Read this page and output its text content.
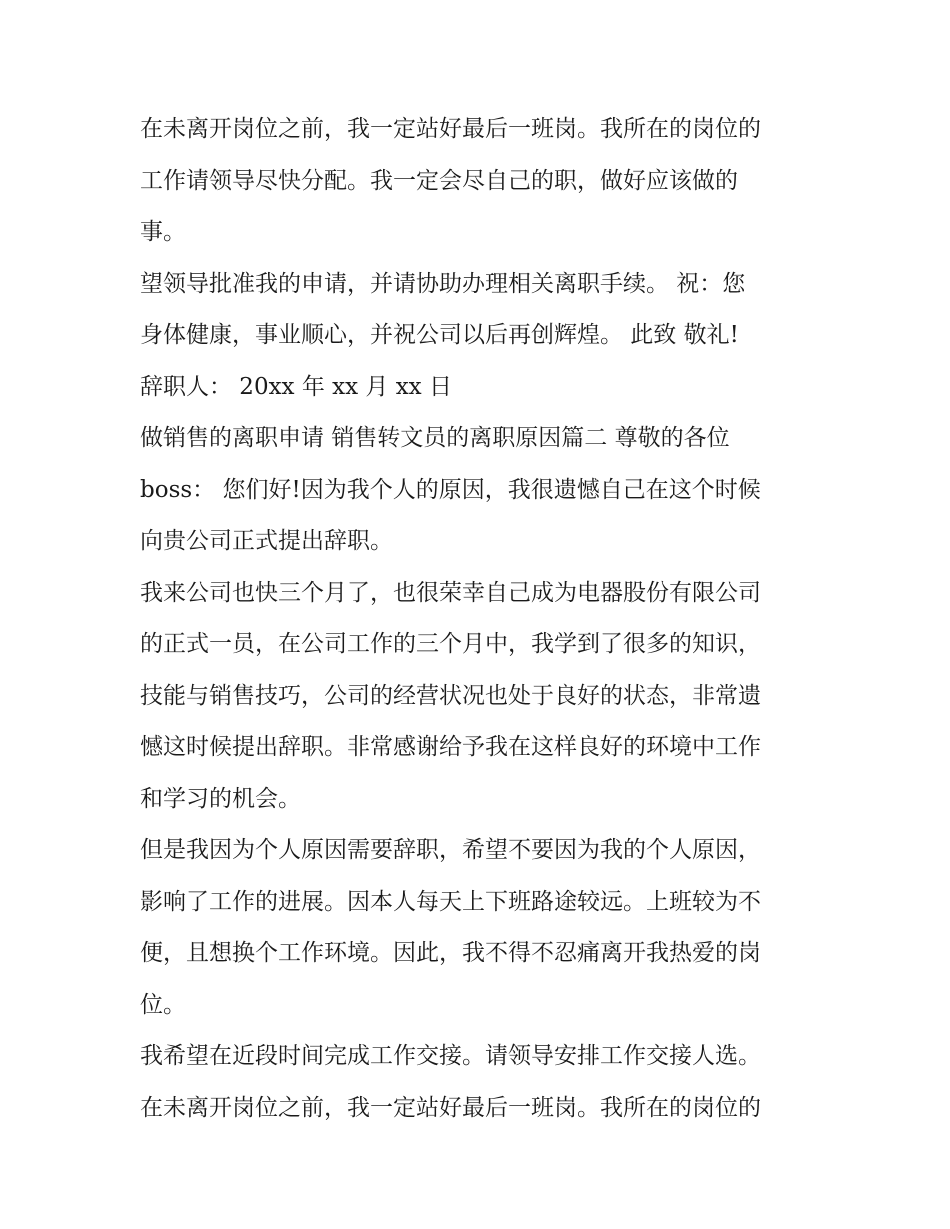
在未离开岗位之前，我一定站好最后一班岗。我所在的岗位的
工作请领导尽快分配。我一定会尽自己的职，做好应该做的
事。
望领导批准我的申请，并请协助办理相关离职手续。 祝：您
身体健康，事业顺心，并祝公司以后再创辉煌。 此致 敬礼!
辞职人： 20xx 年 xx 月 xx 日
做销售的离职申请 销售转文员的离职原因篇二 尊敬的各位
boss： 您们好!因为我个人的原因，我很遗憾自己在这个时候
向贵公司正式提出辞职。
我来公司也快三个月了，也很荣幸自己成为电器股份有限公司
的正式一员，在公司工作的三个月中，我学到了很多的知识，
技能与销售技巧，公司的经营状况也处于良好的状态，非常遗
憾这时候提出辞职。非常感谢给予我在这样良好的环境中工作
和学习的机会。
但是我因为个人原因需要辞职，希望不要因为我的个人原因，
影响了工作的进展。因本人每天上下班路途较远。上班较为不
便，且想换个工作环境。因此，我不得不忍痛离开我热爱的岗
位。
我希望在近段时间完成工作交接。请领导安排工作交接人选。
在未离开岗位之前，我一定站好最后一班岗。我所在的岗位的
